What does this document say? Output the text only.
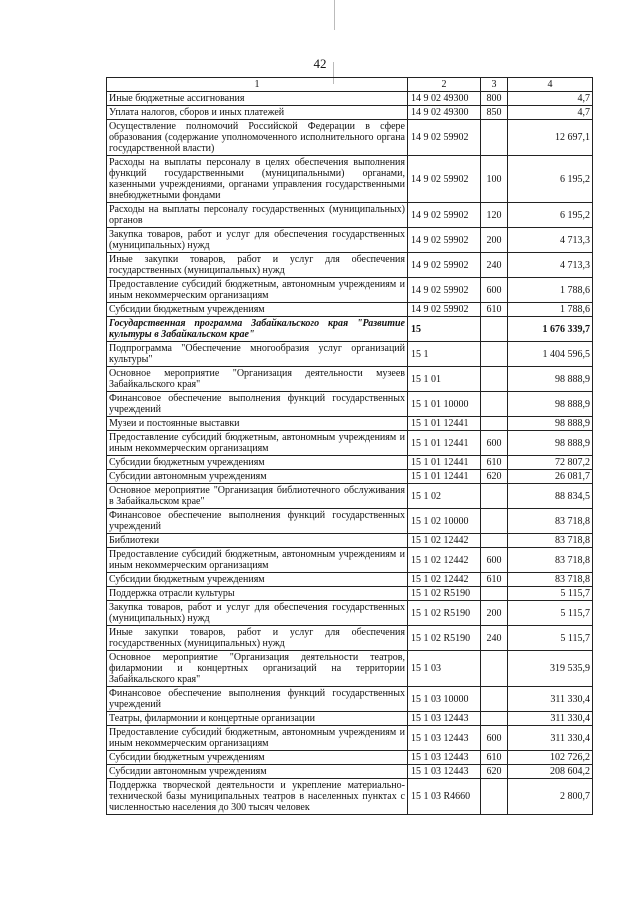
42
1	2	3	4
Иные бюджетные ассигнования	14 9 02 49300	800	4,7
Уплата налогов, сборов и иных платежей	14 9 02 49300	850	4,7
Осуществление полномочий Российской Федерации в сфере образования (содержание уполномоченного исполнительного органа государственной власти)	14 9 02 59902		12 697,1
Расходы на выплаты персоналу в целях обеспечения выполнения функций государственными (муниципальными) органами, казенными учреждениями, органами управления государственными внебюджетными фондами	14 9 02 59902	100	6 195,2
Расходы на выплаты персоналу государственных (муниципальных) органов	14 9 02 59902	120	6 195,2
Закупка товаров, работ и услуг для обеспечения государственных (муниципальных) нужд	14 9 02 59902	200	4 713,3
Иные закупки товаров, работ и услуг для обеспечения государственных (муниципальных) нужд	14 9 02 59902	240	4 713,3
Предоставление субсидий бюджетным, автономным учреждениям и иным некоммерческим организациям	14 9 02 59902	600	1 788,6
Субсидии бюджетным учреждениям	14 9 02 59902	610	1 788,6
Государственная программа Забайкальского края "Развитие культуры в Забайкальском крае"	15		1 676 339,7
Подпрограмма "Обеспечение многообразия услуг организаций культуры"	15 1		1 404 596,5
Основное мероприятие "Организация деятельности музеев Забайкальского края"	15 1 01		98 888,9
Финансовое обеспечение выполнения функций государственных учреждений	15 1 01 10000		98 888,9
Музеи и постоянные выставки	15 1 01 12441		98 888,9
Предоставление субсидий бюджетным, автономным учреждениям и иным некоммерческим организациям	15 1 01 12441	600	98 888,9
Субсидии бюджетным учреждениям	15 1 01 12441	610	72 807,2
Субсидии автономным учреждениям	15 1 01 12441	620	26 081,7
Основное мероприятие "Организация библиотечного обслуживания в Забайкальском крае"	15 1 02		88 834,5
Финансовое обеспечение выполнения функций государственных учреждений	15 1 02 10000		83 718,8
Библиотеки	15 1 02 12442		83 718,8
Предоставление субсидий бюджетным, автономным учреждениям и иным некоммерческим организациям	15 1 02 12442	600	83 718,8
Субсидии бюджетным учреждениям	15 1 02 12442	610	83 718,8
Поддержка отрасли культуры	15 1 02 R5190		5 115,7
Закупка товаров, работ и услуг для обеспечения государственных (муниципальных) нужд	15 1 02 R5190	200	5 115,7
Иные закупки товаров, работ и услуг для обеспечения государственных (муниципальных) нужд	15 1 02 R5190	240	5 115,7
Основное мероприятие "Организация деятельности театров, филармонии и концертных организаций на территории Забайкальского края"	15 1 03		319 535,9
Финансовое обеспечение выполнения функций государственных учреждений	15 1 03 10000		311 330,4
Театры, филармонии и концертные организации	15 1 03 12443		311 330,4
Предоставление субсидий бюджетным, автономным учреждениям и иным некоммерческим организациям	15 1 03 12443	600	311 330,4
Субсидии бюджетным учреждениям	15 1 03 12443	610	102 726,2
Субсидии автономным учреждениям	15 1 03 12443	620	208 604,2
Поддержка творческой деятельности и укрепление материально-технической базы муниципальных театров в населенных пунктах с численностью населения до 300 тысяч человек	15 1 03 R4660		2 800,7
